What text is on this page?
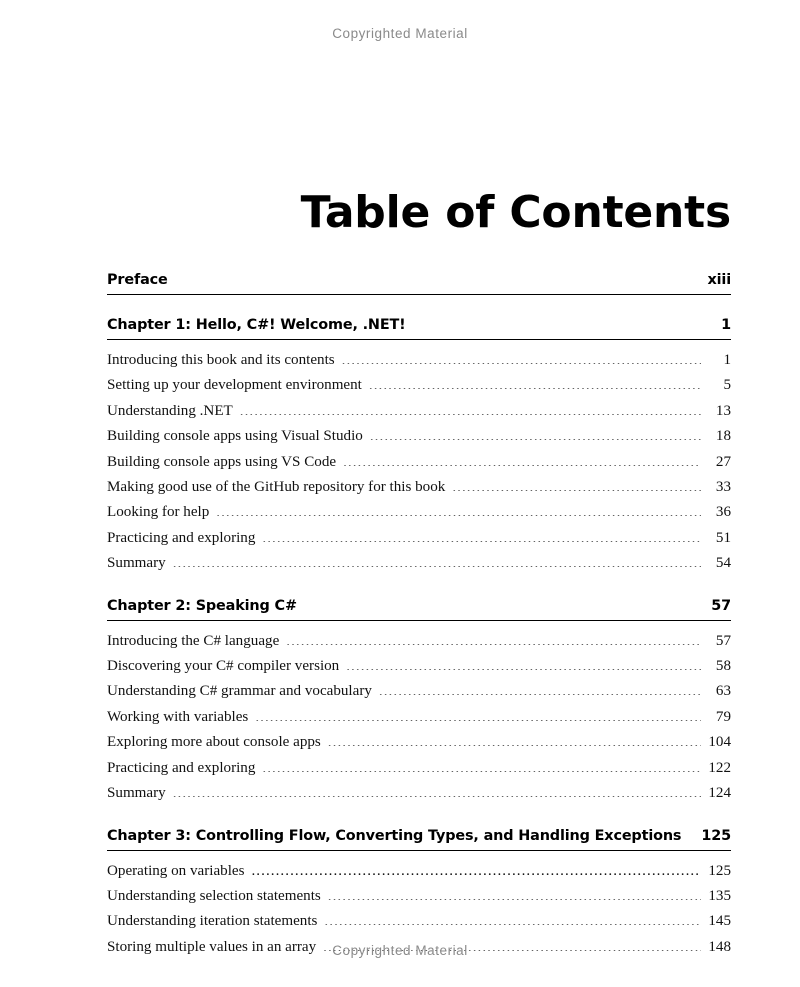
Copyrighted Material
Table of Contents
Preface	xiii
Chapter 1: Hello, C#! Welcome, .NET!	1
Introducing this book and its contents .....	1
Setting up your development environment .....	5
Understanding .NET .....	13
Building console apps using Visual Studio .....	18
Building console apps using VS Code .....	27
Making good use of the GitHub repository for this book .....	33
Looking for help .....	36
Practicing and exploring .....	51
Summary .....	54
Chapter 2: Speaking C#	57
Introducing the C# language .....	57
Discovering your C# compiler version .....	58
Understanding C# grammar and vocabulary .....	63
Working with variables .....	79
Exploring more about console apps .....	104
Practicing and exploring .....	122
Summary .....	124
Chapter 3: Controlling Flow, Converting Types, and Handling Exceptions	125
Operating on variables .....	125
Understanding selection statements .....	135
Understanding iteration statements .....	145
Storing multiple values in an array .....	148
Copyrighted Material
